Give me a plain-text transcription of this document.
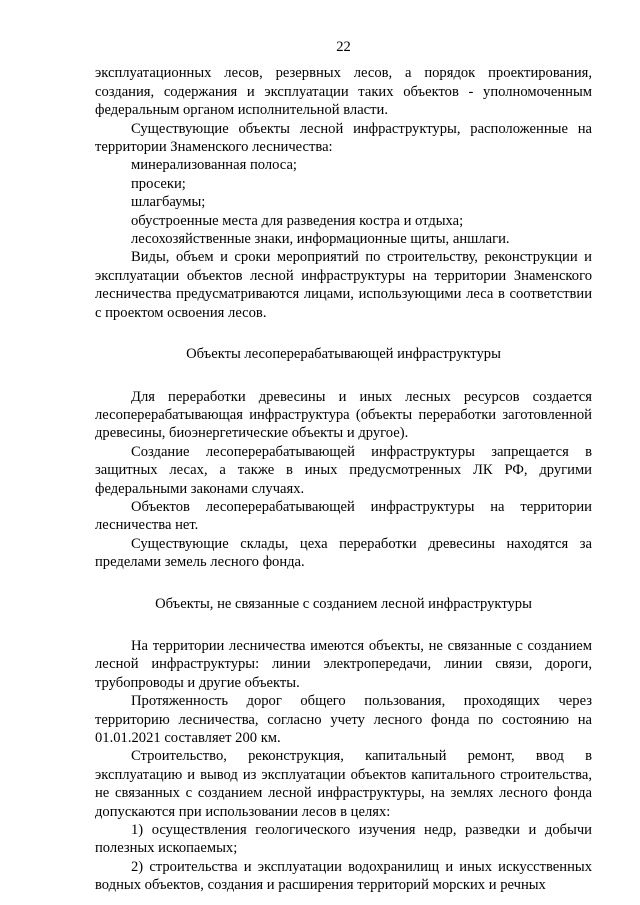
22

эксплуатационных лесов, резервных лесов, а порядок проектирования, создания, содержания и эксплуатации таких объектов - уполномоченным федеральным органом исполнительной власти.

Существующие объекты лесной инфраструктуры, расположенные на территории Знаменского лесничества:

минерализованная полоса;

просеки;

шлагбаумы;

обустроенные места для разведения костра и отдыха;

лесохозяйственные знаки, информационные щиты, аншлаги.

Виды, объем и сроки мероприятий по строительству, реконструкции и эксплуатации объектов лесной инфраструктуры на территории Знаменского лесничества предусматриваются лицами, использующими леса в соответствии с проектом освоения лесов.

Объекты лесоперерабатывающей инфраструктуры

Для переработки древесины и иных лесных ресурсов создается лесоперерабатывающая инфраструктура (объекты переработки заготовленной древесины, биоэнергетические объекты и другое).

Создание лесоперерабатывающей инфраструктуры запрещается в защитных лесах, а также в иных предусмотренных ЛК РФ, другими федеральными законами случаях.

Объектов лесоперерабатывающей инфраструктуры на территории лесничества нет.

Существующие склады, цеха переработки древесины находятся за пределами земель лесного фонда.

Объекты, не связанные с созданием лесной инфраструктуры

На территории лесничества имеются объекты, не связанные с созданием лесной инфраструктуры: линии электропередачи, линии связи, дороги, трубопроводы и другие объекты.

Протяженность дорог общего пользования, проходящих через территорию лесничества, согласно учету лесного фонда по состоянию на 01.01.2021 составляет 200 км.

Строительство, реконструкция, капитальный ремонт, ввод в эксплуатацию и вывод из эксплуатации объектов капитального строительства, не связанных с созданием лесной инфраструктуры, на землях лесного фонда допускаются при использовании лесов в целях:

1) осуществления геологического изучения недр, разведки и добычи полезных ископаемых;

2) строительства и эксплуатации водохранилищ и иных искусственных водных объектов, создания и расширения территорий морских и речных
